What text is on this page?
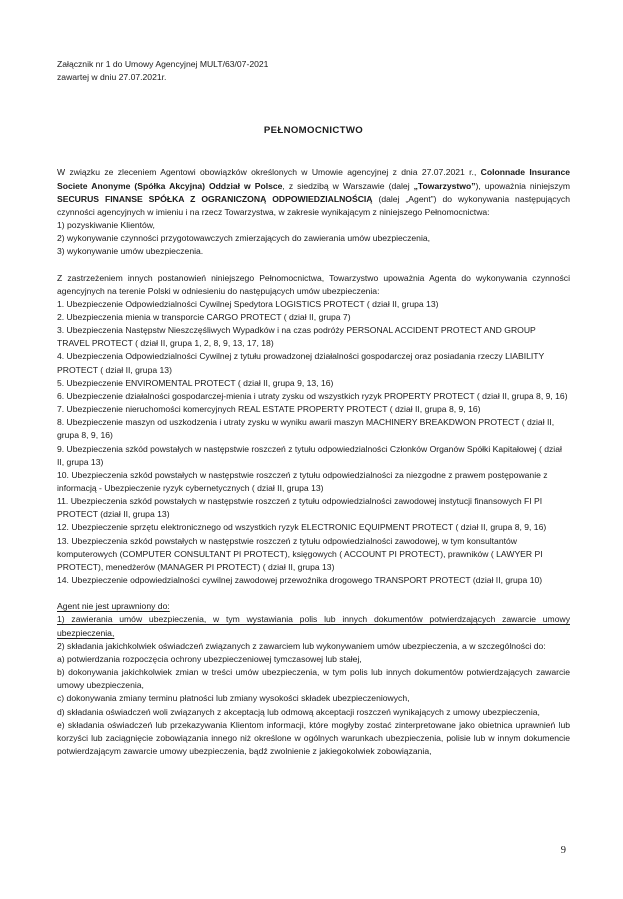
Załącznik nr 1 do Umowy Agencyjnej MULT/63/07-2021
zawartej w dniu 27.07.2021r.
PEŁNOMOCNICTWO

W związku ze zleceniem Agentowi obowiązków określonych w Umowie agencyjnej z dnia 27.07.2021 r., Colonnade Insurance Societe Anonyme (Spółka Akcyjna) Oddział w Polsce, z siedzibą w Warszawie (dalej „Towarzystwo”), upoważnia niniejszym SECURUS FINANSE SPÓŁKA Z OGRANICZONĄ ODPOWIEDZIALNOŚCIĄ (dalej „Agent”) do wykonywania następujących czynności agencyjnych w imieniu i na rzecz Towarzystwa, w zakresie wynikającym z niniejszego Pełnomocnictwa:

1) pozyskiwanie Klientów,

2) wykonywanie czynności przygotowawczych zmierzających do zawierania umów ubezpieczenia,

3) wykonywanie umów ubezpieczenia.

Z zastrzeżeniem innych postanowień niniejszego Pełnomocnictwa, Towarzystwo upoważnia Agenta do wykonywania czynności agencyjnych na terenie Polski w odniesieniu do następujących umów ubezpieczenia:

1. Ubezpieczenie Odpowiedzialności Cywilnej Spedytora LOGISTICS PROTECT ( dział II, grupa 13)

2. Ubezpieczenia mienia w transporcie CARGO PROTECT ( dział II, grupa 7)

3. Ubezpieczenia Następstw Nieszczęśliwych Wypadków i na czas podróży PERSONAL ACCIDENT PROTECT AND GROUP TRAVEL PROTECT ( dział II, grupa 1, 2, 8, 9, 13, 17, 18)

4. Ubezpieczenia Odpowiedzialności Cywilnej z tytułu prowadzonej działalności gospodarczej oraz posiadania rzeczy LIABILITY PROTECT ( dział II, grupa 13)

5. Ubezpieczenie ENVIROMENTAL PROTECT ( dział II, grupa 9, 13, 16)

6. Ubezpieczenie działalności gospodarczej-mienia i utraty zysku od wszystkich ryzyk PROPERTY PROTECT ( dział II, grupa 8, 9, 16)

7. Ubezpieczenie nieruchomości komercyjnych REAL ESTATE PROPERTY PROTECT ( dział II, grupa 8, 9, 16)

8. Ubezpieczenie maszyn od uszkodzenia i utraty zysku w wyniku awarii maszyn MACHINERY BREAKDWON PROTECT ( dział II, grupa 8, 9, 16)

9. Ubezpieczenia szkód powstałych w następstwie roszczeń z tytułu odpowiedzialności Członków Organów Spółki Kapitałowej ( dział II, grupa 13)

10. Ubezpieczenia szkód powstałych w następstwie roszczeń z tytułu odpowiedzialności za niezgodne z prawem postępowanie z informacją - Ubezpieczenie ryzyk cybernetycznych ( dział II, grupa 13)

11. Ubezpieczenia szkód powstałych w następstwie roszczeń z tytułu odpowiedzialności zawodowej instytucji finansowych FI PI PROTECT (dział II, grupa 13)

12. Ubezpieczenie sprzętu elektronicznego od wszystkich ryzyk ELECTRONIC EQUIPMENT PROTECT ( dział II, grupa 8, 9, 16)

13. Ubezpieczenia szkód powstałych w następstwie roszczeń z tytułu odpowiedzialności zawodowej, w tym konsultantów komputerowych (COMPUTER CONSULTANT PI PROTECT), księgowych ( ACCOUNT PI PROTECT), prawników ( LAWYER PI PROTECT), menedżerów (MANAGER PI PROTECT) ( dział II, grupa 13)

14. Ubezpieczenie odpowiedzialności cywilnej zawodowej przewoźnika drogowego TRANSPORT PROTECT (dział II, grupa 10)

Agent nie jest uprawniony do:

1) zawierania umów ubezpieczenia, w tym wystawiania polis lub innych dokumentów potwierdzających zawarcie umowy ubezpieczenia,

2) składania jakichkolwiek oświadczeń związanych z zawarciem lub wykonywaniem umów ubezpieczenia, a w szczególności do:

a) potwierdzania rozpoczęcia ochrony ubezpieczeniowej tymczasowej lub stałej,

b) dokonywania jakichkolwiek zmian w treści umów ubezpieczenia, w tym polis lub innych dokumentów potwierdzających zawarcie umowy ubezpieczenia,

c) dokonywania zmiany terminu płatności lub zmiany wysokości składek ubezpieczeniowych,

d) składania oświadczeń woli związanych z akceptacją lub odmową akceptacji roszczeń wynikających z umowy ubezpieczenia,

e) składania oświadczeń lub przekazywania Klientom informacji, które mogłyby zostać zinterpretowane jako obietnica uprawnień lub korzyści lub zaciągnięcie zobowiązania innego niż określone w ogólnych warunkach ubezpieczenia, polisie lub w innym dokumencie potwierdzającym zawarcie umowy ubezpieczenia, bądź zwolnienie z jakiegokolwiek zobowiązania,

9
